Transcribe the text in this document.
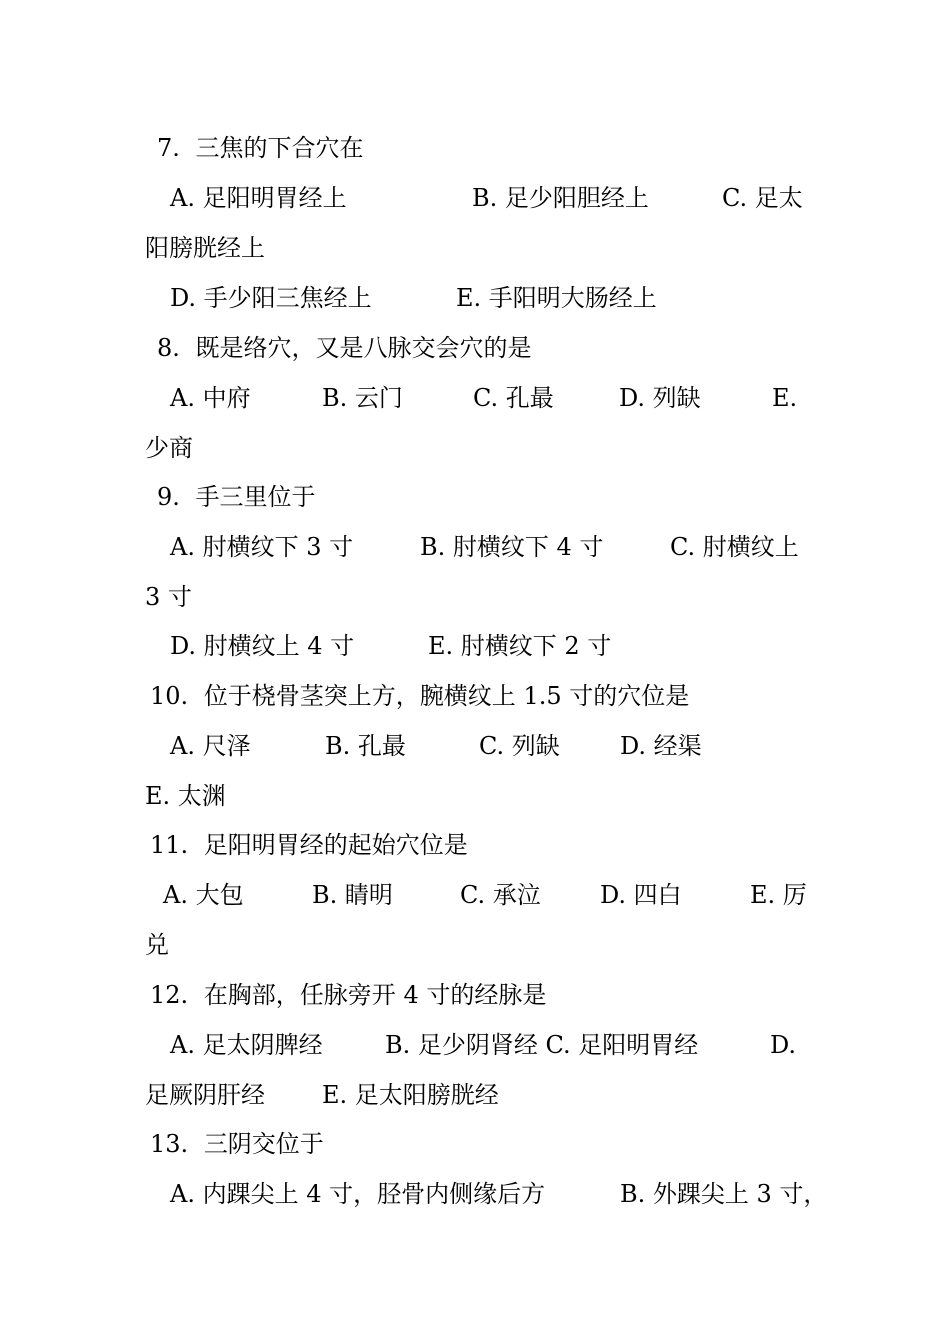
7. 三焦的下合穴在
A. 足阳明胃经上	B. 足少阳胆经上	C. 足太
阳膀胱经上
D. 手少阳三焦经上	E. 手阳明大肠经上
8. 既是络穴，又是八脉交会穴的是
A. 中府	B. 云门	C. 孔最	D. 列缺	E.
少商
9. 手三里位于
A. 肘横纹下 3 寸	B. 肘横纹下 4 寸	C. 肘横纹上
3 寸
D. 肘横纹上 4 寸	E. 肘横纹下 2 寸
10. 位于桡骨茎突上方，腕横纹上 1.5 寸的穴位是
A. 尺泽	B. 孔最	C. 列缺	D. 经渠
E. 太渊
11. 足阳明胃经的起始穴位是
A. 大包	B. 睛明	C. 承泣 D. 四白	E. 厉
兑
12. 在胸部，任脉旁开 4 寸的经脉是
A. 足太阴脾经	B. 足少阴肾经 C. 足阳明胃经	D.
足厥阴肝经 E. 足太阳膀胱经
13. 三阴交位于
A. 内踝尖上 4 寸，胫骨内侧缘后方	B. 外踝尖上 3 寸，
